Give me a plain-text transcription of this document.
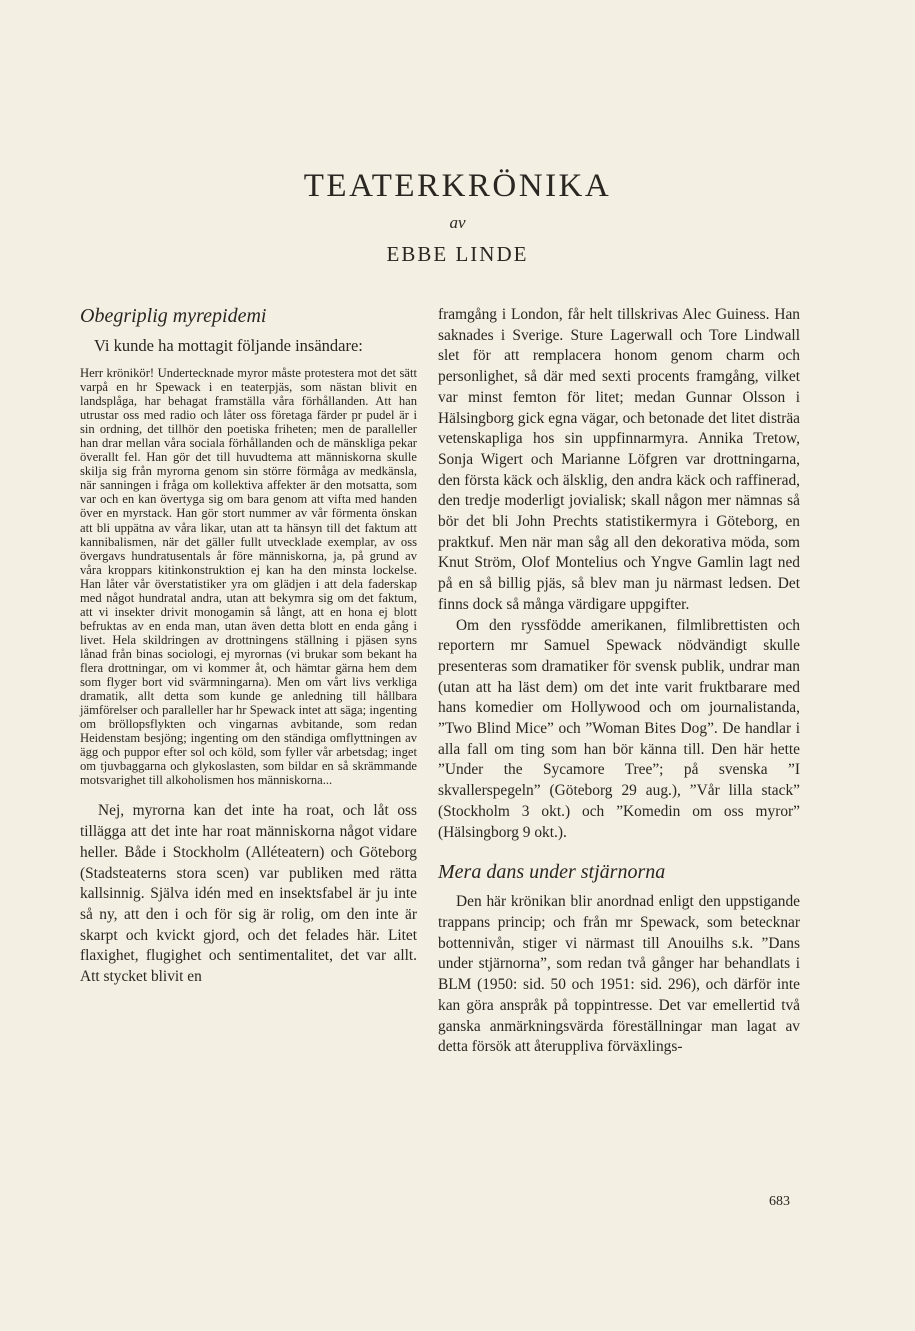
TEATERKRÖNIKA

av

EBBE LINDE
Obegriplig myrepidemi

Vi kunde ha mottagit följande insändare:

Herr krönikör! Undertecknade myror måste protestera mot det sätt varpå en hr Spewack i en teaterpjäs, som nästan blivit en landsplåga, har behagat framställa våra förhållanden. Att han utrustar oss med radio och låter oss företaga färder pr pudel är i sin ordning, det tillhör den poetiska friheten; men de paralleller han drar mellan våra sociala förhållanden och de mänskliga pekar överallt fel. Han gör det till huvudtema att människorna skulle skilja sig från myrorna genom sin större förmåga av medkänsla, när sanningen i fråga om kollektiva affekter är den motsatta, som var och en kan övertyga sig om bara genom att vifta med handen över en myrstack. Han gör stort nummer av vår förmenta önskan att bli uppätna av våra likar, utan att ta hänsyn till det faktum att kannibalismen, när det gäller fullt utvecklade exemplar, av oss övergavs hundratusentals år före människorna, ja, på grund av våra kroppars kitinkonstruktion ej kan ha den minsta lockelse. Han låter vår överstatistiker yra om glädjen i att dela faderskap med något hundratal andra, utan att bekymra sig om det faktum, att vi insekter drivit monogamin så långt, att en hona ej blott befruktas av en enda man, utan även detta blott en enda gång i livet. Hela skildringen av drottningens ställning i pjäsen syns lånad från binas sociologi, ej myrornas (vi brukar som bekant ha flera drottningar, om vi kommer åt, och hämtar gärna hem dem som flyger bort vid svärmningarna). Men om vårt livs verkliga dramatik, allt detta som kunde ge anledning till hållbara jämförelser och paralleller har hr Spewack intet att säga; ingenting om bröllopsflykten och vingarnas avbitande, som redan Heidenstam besjöng; ingenting om den ständiga omflyttningen av ägg och puppor efter sol och köld, som fyller vår arbetsdag; inget om tjuvbaggarna och glykoslasten, som bildar en så skrämmande motsvarighet till alkoholismen hos människorna...

Nej, myrorna kan det inte ha roat, och låt oss tillägga att det inte har roat människorna något vidare heller. Både i Stockholm (Alléteatern) och Göteborg (Stadsteaterns stora scen) var publiken med rätta kallsinnig. Själva idén med en insektsfabel är ju inte så ny, att den i och för sig är rolig, om den inte är skarpt och kvickt gjord, och det felades här. Litet flaxighet, flugighet och sentimentalitet, det var allt. Att stycket blivit en

framgång i London, får helt tillskrivas Alec Guiness. Han saknades i Sverige. Sture Lagerwall och Tore Lindwall slet för att remplacera honom genom charm och personlighet, så där med sexti procents framgång, vilket var minst femton för litet; medan Gunnar Olsson i Hälsingborg gick egna vägar, och betonade det litet disträa vetenskapliga hos sin uppfinnarmyra. Annika Tretow, Sonja Wigert och Marianne Löfgren var drottningarna, den första käck och älsklig, den andra käck och raffinerad, den tredje moderligt jovialisk; skall någon mer nämnas så bör det bli John Prechts statistikermyra i Göteborg, en praktkuf. Men när man såg all den dekorativa möda, som Knut Ström, Olof Montelius och Yngve Gamlin lagt ned på en så billig pjäs, så blev man ju närmast ledsen. Det finns dock så många värdigare uppgifter.

Om den ryssfödde amerikanen, filmlibrettisten och reportern mr Samuel Spewack nödvändigt skulle presenteras som dramatiker för svensk publik, undrar man (utan att ha läst dem) om det inte varit fruktbarare med hans komedier om Hollywood och om journalistanda, ”Two Blind Mice” och ”Woman Bites Dog”. De handlar i alla fall om ting som han bör känna till. Den här hette ”Under the Sycamore Tree”; på svenska ”I skvallerspegeln” (Göteborg 29 aug.), ”Vår lilla stack” (Stockholm 3 okt.) och ”Komedin om oss myror” (Hälsingborg 9 okt.).

Mera dans under stjärnorna

Den här krönikan blir anordnad enligt den uppstigande trappans princip; och från mr Spewack, som betecknar bottennivån, stiger vi närmast till Anouilhs s.k. ”Dans under stjärnorna”, som redan två gånger har behandlats i BLM (1950: sid. 50 och 1951: sid. 296), och därför inte kan göra anspråk på toppintresse. Det var emellertid två ganska anmärkningsvärda föreställningar man lagat av detta försök att återuppliva förväxlings-

683
